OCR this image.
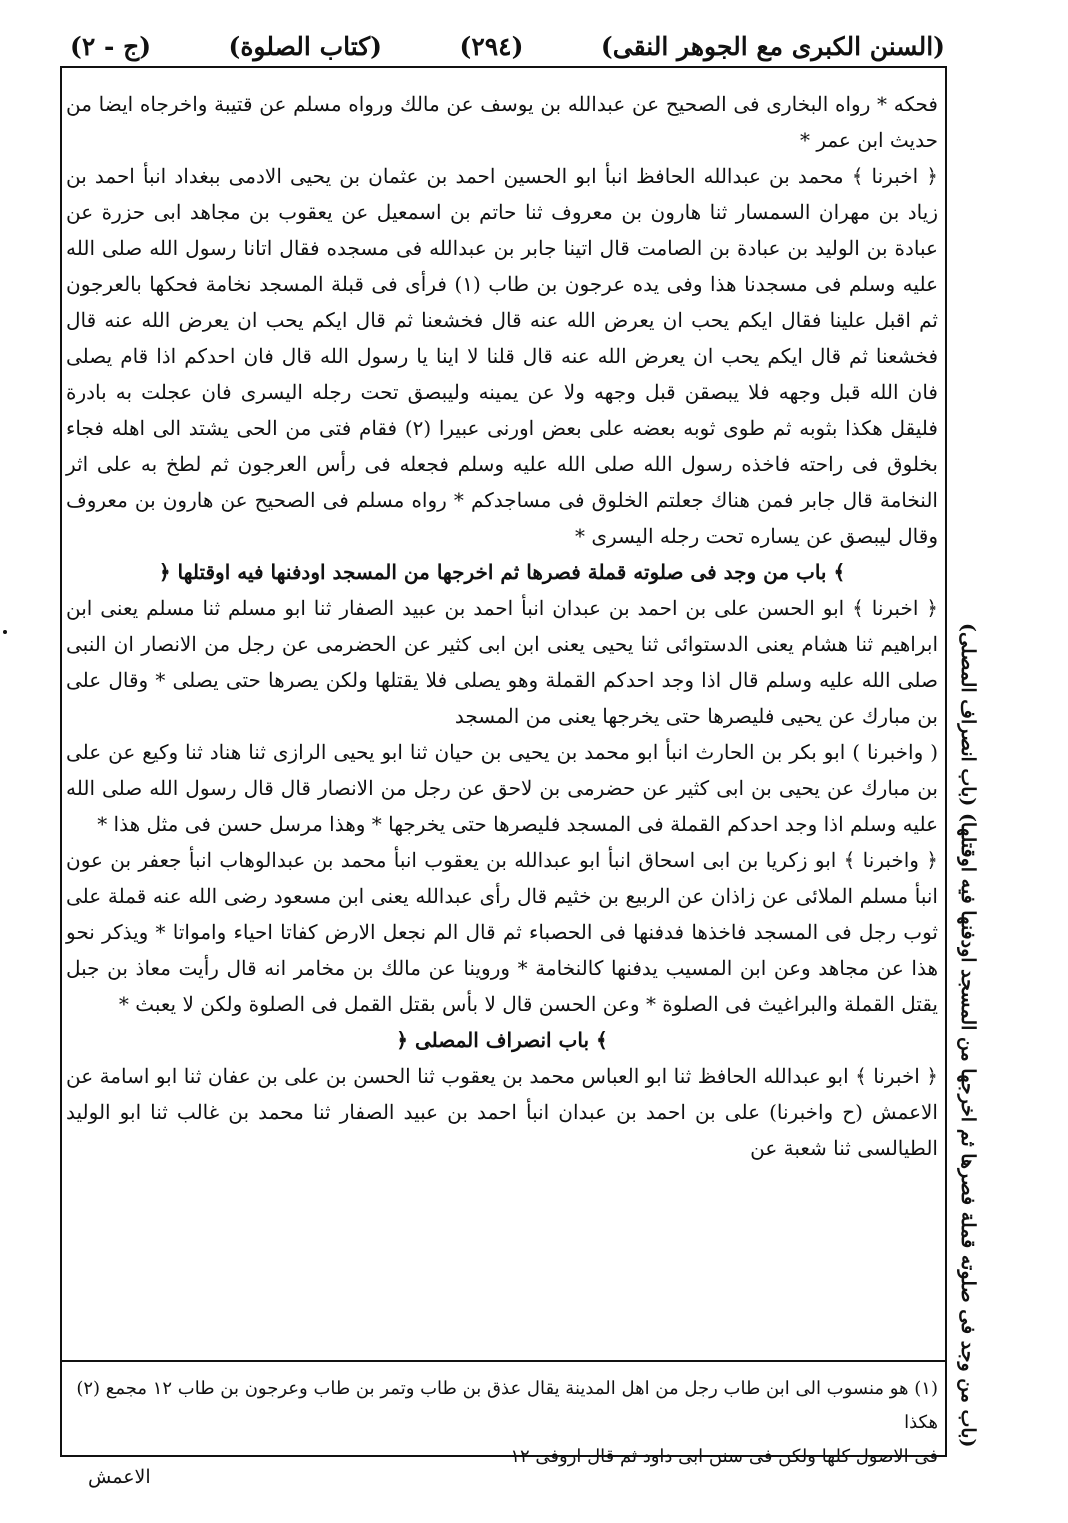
(السنن الكبرى مع الجوهر النقى)
(٢٩٤)
(كتاب الصلوة)
(ج - ٢)

فحكه * رواه البخارى فى الصحيح عن عبدالله بن يوسف عن مالك ورواه مسلم عن قتيبة واخرجاه ايضا من حديث ابن عمر *

﴿ اخبرنا ﴾ محمد بن عبدالله الحافظ انبأ ابو الحسين احمد بن عثمان بن يحيى الادمى ببغداد انبأ احمد بن زياد بن مهران السمسار ثنا هارون بن معروف ثنا حاتم بن اسمعيل عن يعقوب بن مجاهد ابى حزرة عن عبادة بن الوليد بن عبادة بن الصامت قال اتينا جابر بن عبدالله فى مسجده فقال اتانا رسول الله صلى الله عليه وسلم فى مسجدنا هذا وفى يده عرجون بن طاب (١) فرأى فى قبلة المسجد نخامة فحكها بالعرجون ثم اقبل علينا فقال ايكم يحب ان يعرض الله عنه قال فخشعنا ثم قال ايكم يحب ان يعرض الله عنه قال فخشعنا ثم قال ايكم يحب ان يعرض الله عنه قال قلنا لا اينا يا رسول الله قال فان احدكم اذا قام يصلى فان الله قبل وجهه فلا يبصقن قبل وجهه ولا عن يمينه وليبصق تحت رجله اليسرى فان عجلت به بادرة فليقل هكذا بثوبه ثم طوى ثوبه بعضه على بعض اورنى عبيرا (٢) فقام فتى من الحى يشتد الى اهله فجاء بخلوق فى راحته فاخذه رسول الله صلى الله عليه وسلم فجعله فى رأس العرجون ثم لطخ به على اثر النخامة قال جابر فمن هناك جعلتم الخلوق فى مساجدكم * رواه مسلم فى الصحيح عن هارون بن معروف وقال ليبصق عن يساره تحت رجله اليسرى *

﴾ باب من وجد فى صلوته قملة فصرها ثم اخرجها من المسجد اودفنها فيه اوقتلها ﴿

﴿ اخبرنا ﴾ ابو الحسن على بن احمد بن عبدان انبأ احمد بن عبيد الصفار ثنا ابو مسلم ثنا مسلم يعنى ابن ابراهيم ثنا هشام يعنى الدستوائى ثنا يحيى يعنى ابن ابى كثير عن الحضرمى عن رجل من الانصار ان النبى صلى الله عليه وسلم قال اذا وجد احدكم القملة وهو يصلى فلا يقتلها ولكن يصرها حتى يصلى * وقال على بن مبارك عن يحيى فليصرها حتى يخرجها يعنى من المسجد

( واخبرنا ) ابو بكر بن الحارث انبأ ابو محمد بن يحيى بن حيان ثنا ابو يحيى الرازى ثنا هناد ثنا وكيع عن على بن مبارك عن يحيى بن ابى كثير عن حضرمى بن لاحق عن رجل من الانصار قال قال رسول الله صلى الله عليه وسلم اذا وجد احدكم القملة فى المسجد فليصرها حتى يخرجها * وهذا مرسل حسن فى مثل هذا *

﴿ واخبرنا ﴾ ابو زكريا بن ابى اسحاق انبأ ابو عبدالله بن يعقوب انبأ محمد بن عبدالوهاب انبأ جعفر بن عون انبأ مسلم الملائى عن زاذان عن الربيع بن خثيم قال رأى عبدالله يعنى ابن مسعود رضى الله عنه قملة على ثوب رجل فى المسجد فاخذها فدفنها فى الحصباء ثم قال الم نجعل الارض كفاتا احياء وامواتا * ويذكر نحو هذا عن مجاهد وعن ابن المسيب يدفنها كالنخامة * وروينا عن مالك بن مخامر انه قال رأيت معاذ بن جبل يقتل القملة والبراغيث فى الصلوة * وعن الحسن قال لا بأس بقتل القمل فى الصلوة ولكن لا يعبث *

﴾ باب انصراف المصلى ﴿

﴿ اخبرنا ﴾ ابو عبدالله الحافظ ثنا ابو العباس محمد بن يعقوب ثنا الحسن بن على بن عفان ثنا ابو اسامة عن الاعمش (ح واخبرنا) على بن احمد بن عبدان انبأ احمد بن عبيد الصفار ثنا محمد بن غالب ثنا ابو الوليد الطيالسى ثنا شعبة عن

(١) هو منسوب الى ابن طاب رجل من اهل المدينة يقال عذق بن طاب وتمر بن طاب وعرجون بن طاب ١٢ مجمع (٢) هكذا

فى الاصول كلها ولكن فى سنن ابى داود ثم قال اروفى ١٢

(باب من وجد فى صلوته قملة فصرها ثم اخرجها من المسجد اودفنها فيه اوقتلها) (باب انصراف المصلى)
الاعمش
